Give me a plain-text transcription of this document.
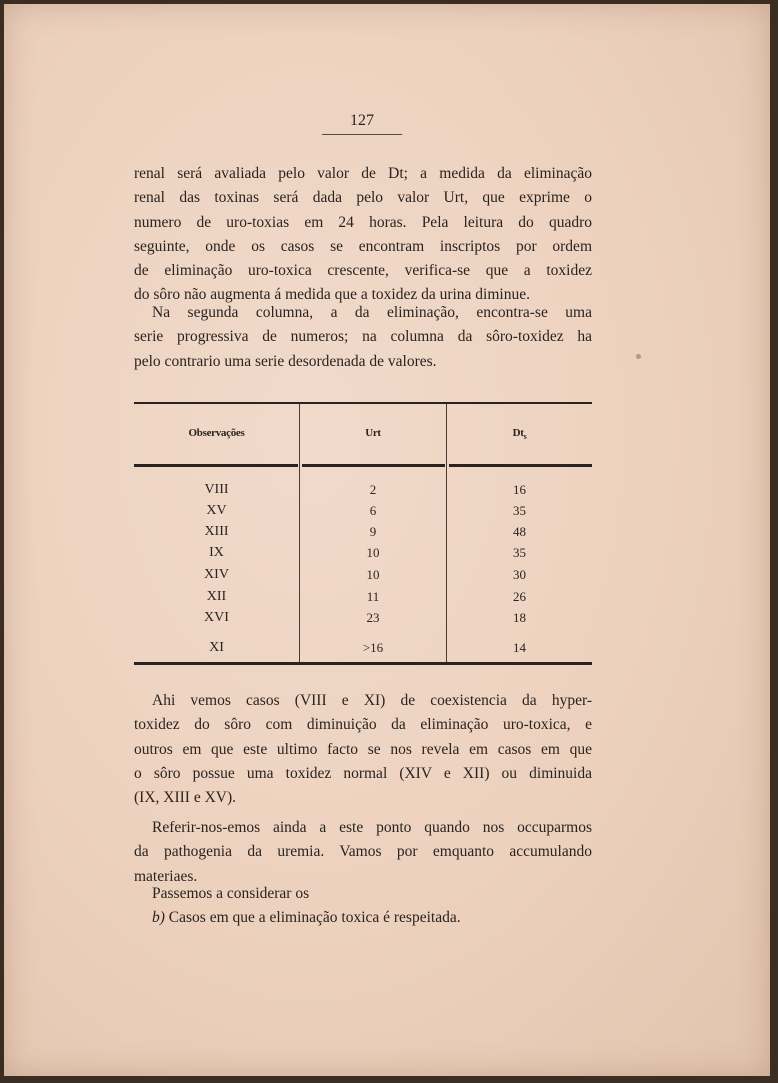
127
renal será avaliada pelo valor de Dt; a medida da eliminação
renal das toxinas será dada pelo valor Urt, que exprime o
numero de uro-toxias em 24 horas. Pela leitura do quadro
seguinte, onde os casos se encontram inscriptos por ordem
de eliminação uro-toxica crescente, verifica-se que a toxidez
do sôro não augmenta á medida que a toxidez da urina diminue.
Na segunda columna, a da eliminação, encontra-se uma
serie progressiva de numeros; na columna da sôro-toxidez ha
pelo contrario uma serie desordenada de valores.
Observações	Urt	$Dt_s$
VIII	2	16
XV	6	35
XIII	9	48
IX	10	35
XIV	10	30
XII	11	26
XVI	23	18
XI	>16	14
Ahi vemos casos (VIII e XI) de coexistencia da hyper-
toxidez do sôro com diminuição da eliminação uro-toxica, e
outros em que este ultimo facto se nos revela em casos em que
o sôro possue uma toxidez normal (XIV e XII) ou diminuida
(IX, XIII e XV).
Referir-nos-emos ainda a este ponto quando nos occuparmos
da pathogenia da uremia. Vamos por emquanto accumulando
materiaes.
Passemos a considerar os
b) Casos em que a eliminação toxica é respeitada.
